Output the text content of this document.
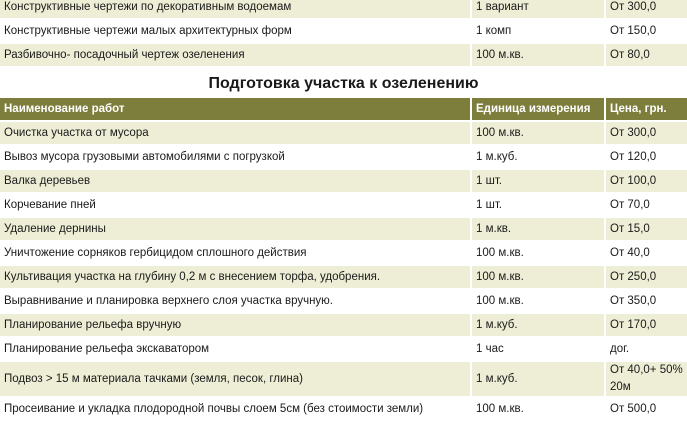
Конструктивные чертежи по декоративным водоемам	1 вариант	От 300,0
Конструктивные чертежи малых архитектурных форм	1 комп	От 150,0
Разбивочно- посадочный чертеж озеленения	100 м.кв.	От 80,0
Подготовка участка к озеленению
Наименование работ	Единица измерения	Цена, грн.
Очистка участка от мусора	100 м.кв.	От 300,0
Вывоз мусора грузовыми автомобилями с погрузкой	1 м.куб.	От 120,0
Валка деревьев	1 шт.	От 100,0
Корчевание пней	1 шт.	От 70,0
Удаление дернины	1 м.кв.	От 15,0
Уничтожение сорняков гербицидом сплошного действия	100 м.кв.	От 40,0
Культивация участка на глубину 0,2 м с внесением торфа, удобрения.	100 м.кв.	От 250,0
Выравнивание и планировка верхнего слоя участка вручную.	100 м.кв.	От 350,0
Планирование рельефа вручную	1 м.куб.	От 170,0
Планирование рельефа экскаватором	1 час	дог.
Подвоз > 15 м материала тачками (земля, песок, глина)	1 м.куб.	От 40,0+ 50% 20м
Просеивание и укладка плодородной почвы слоем 5см (без стоимости земли)	100 м.кв.	От 500,0
